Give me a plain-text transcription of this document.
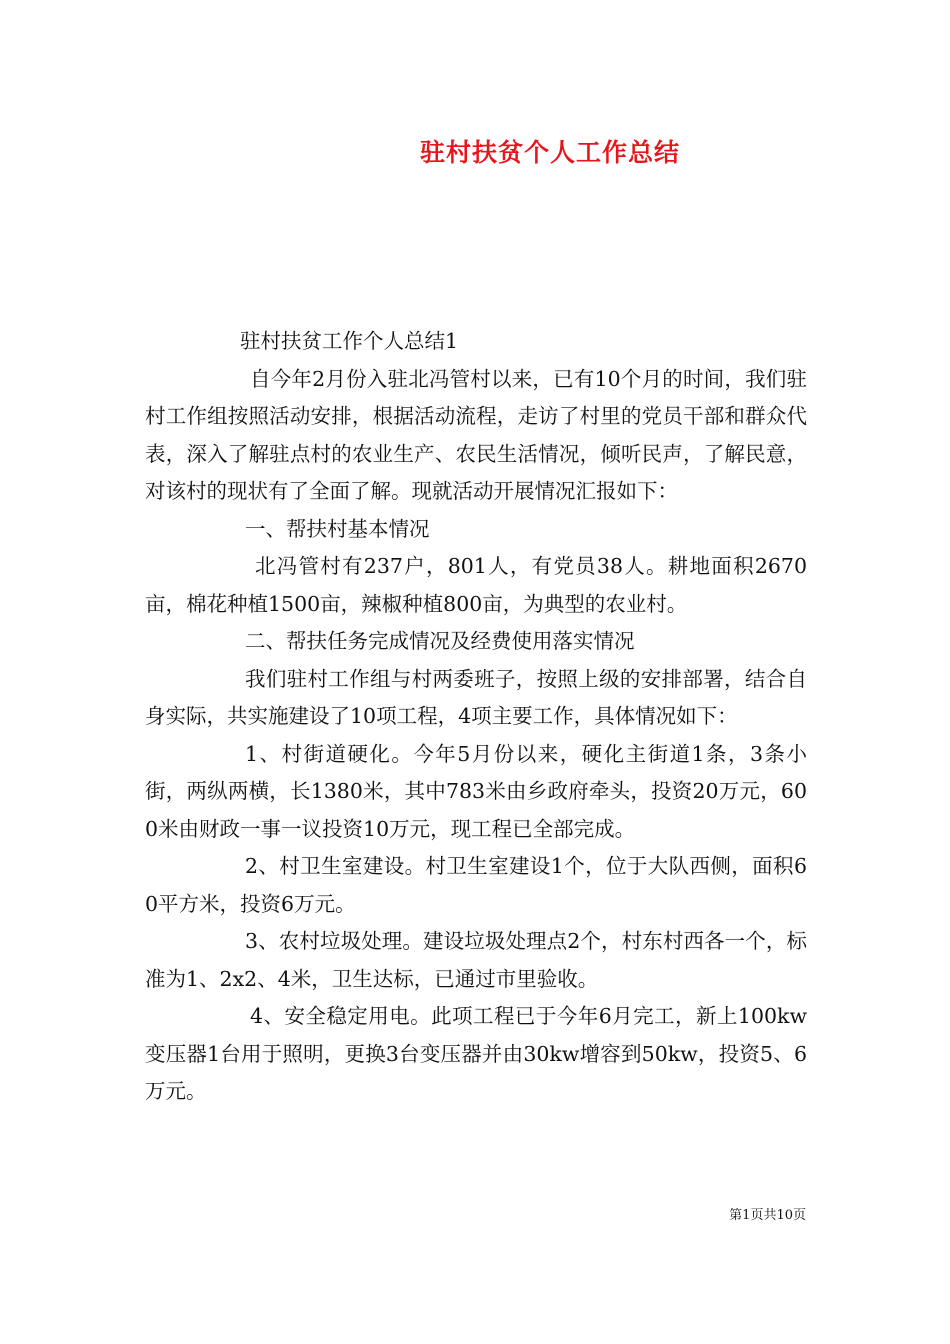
驻村扶贫个人工作总结

驻村扶贫工作个人总结1

自今年2月份入驻北冯管村以来，已有10个月的时间，我们驻村工作组按照活动安排，根据活动流程，走访了村里的党员干部和群众代表，深入了解驻点村的农业生产、农民生活情况，倾听民声，了解民意，对该村的现状有了全面了解。现就活动开展情况汇报如下：

一、帮扶村基本情况

北冯管村有237户，801人，有党员38人。耕地面积2670亩，棉花种植1500亩，辣椒种植800亩，为典型的农业村。

二、帮扶任务完成情况及经费使用落实情况

我们驻村工作组与村两委班子，按照上级的安排部署，结合自身实际，共实施建设了10项工程，4项主要工作，具体情况如下：

1、村街道硬化。今年5月份以来，硬化主街道1条，3条小街，两纵两横，长1380米，其中783米由乡政府牵头，投资20万元，600米由财政一事一议投资10万元，现工程已全部完成。

2、村卫生室建设。村卫生室建设1个，位于大队西侧，面积60平方米，投资6万元。

3、农村垃圾处理。建设垃圾处理点2个，村东村西各一个，标准为1、2x2、4米，卫生达标，已通过市里验收。

4、安全稳定用电。此项工程已于今年6月完工，新上100kw变压器1台用于照明，更换3台变压器并由30kw增容到50kw，投资5、6万元。

第1页共10页
